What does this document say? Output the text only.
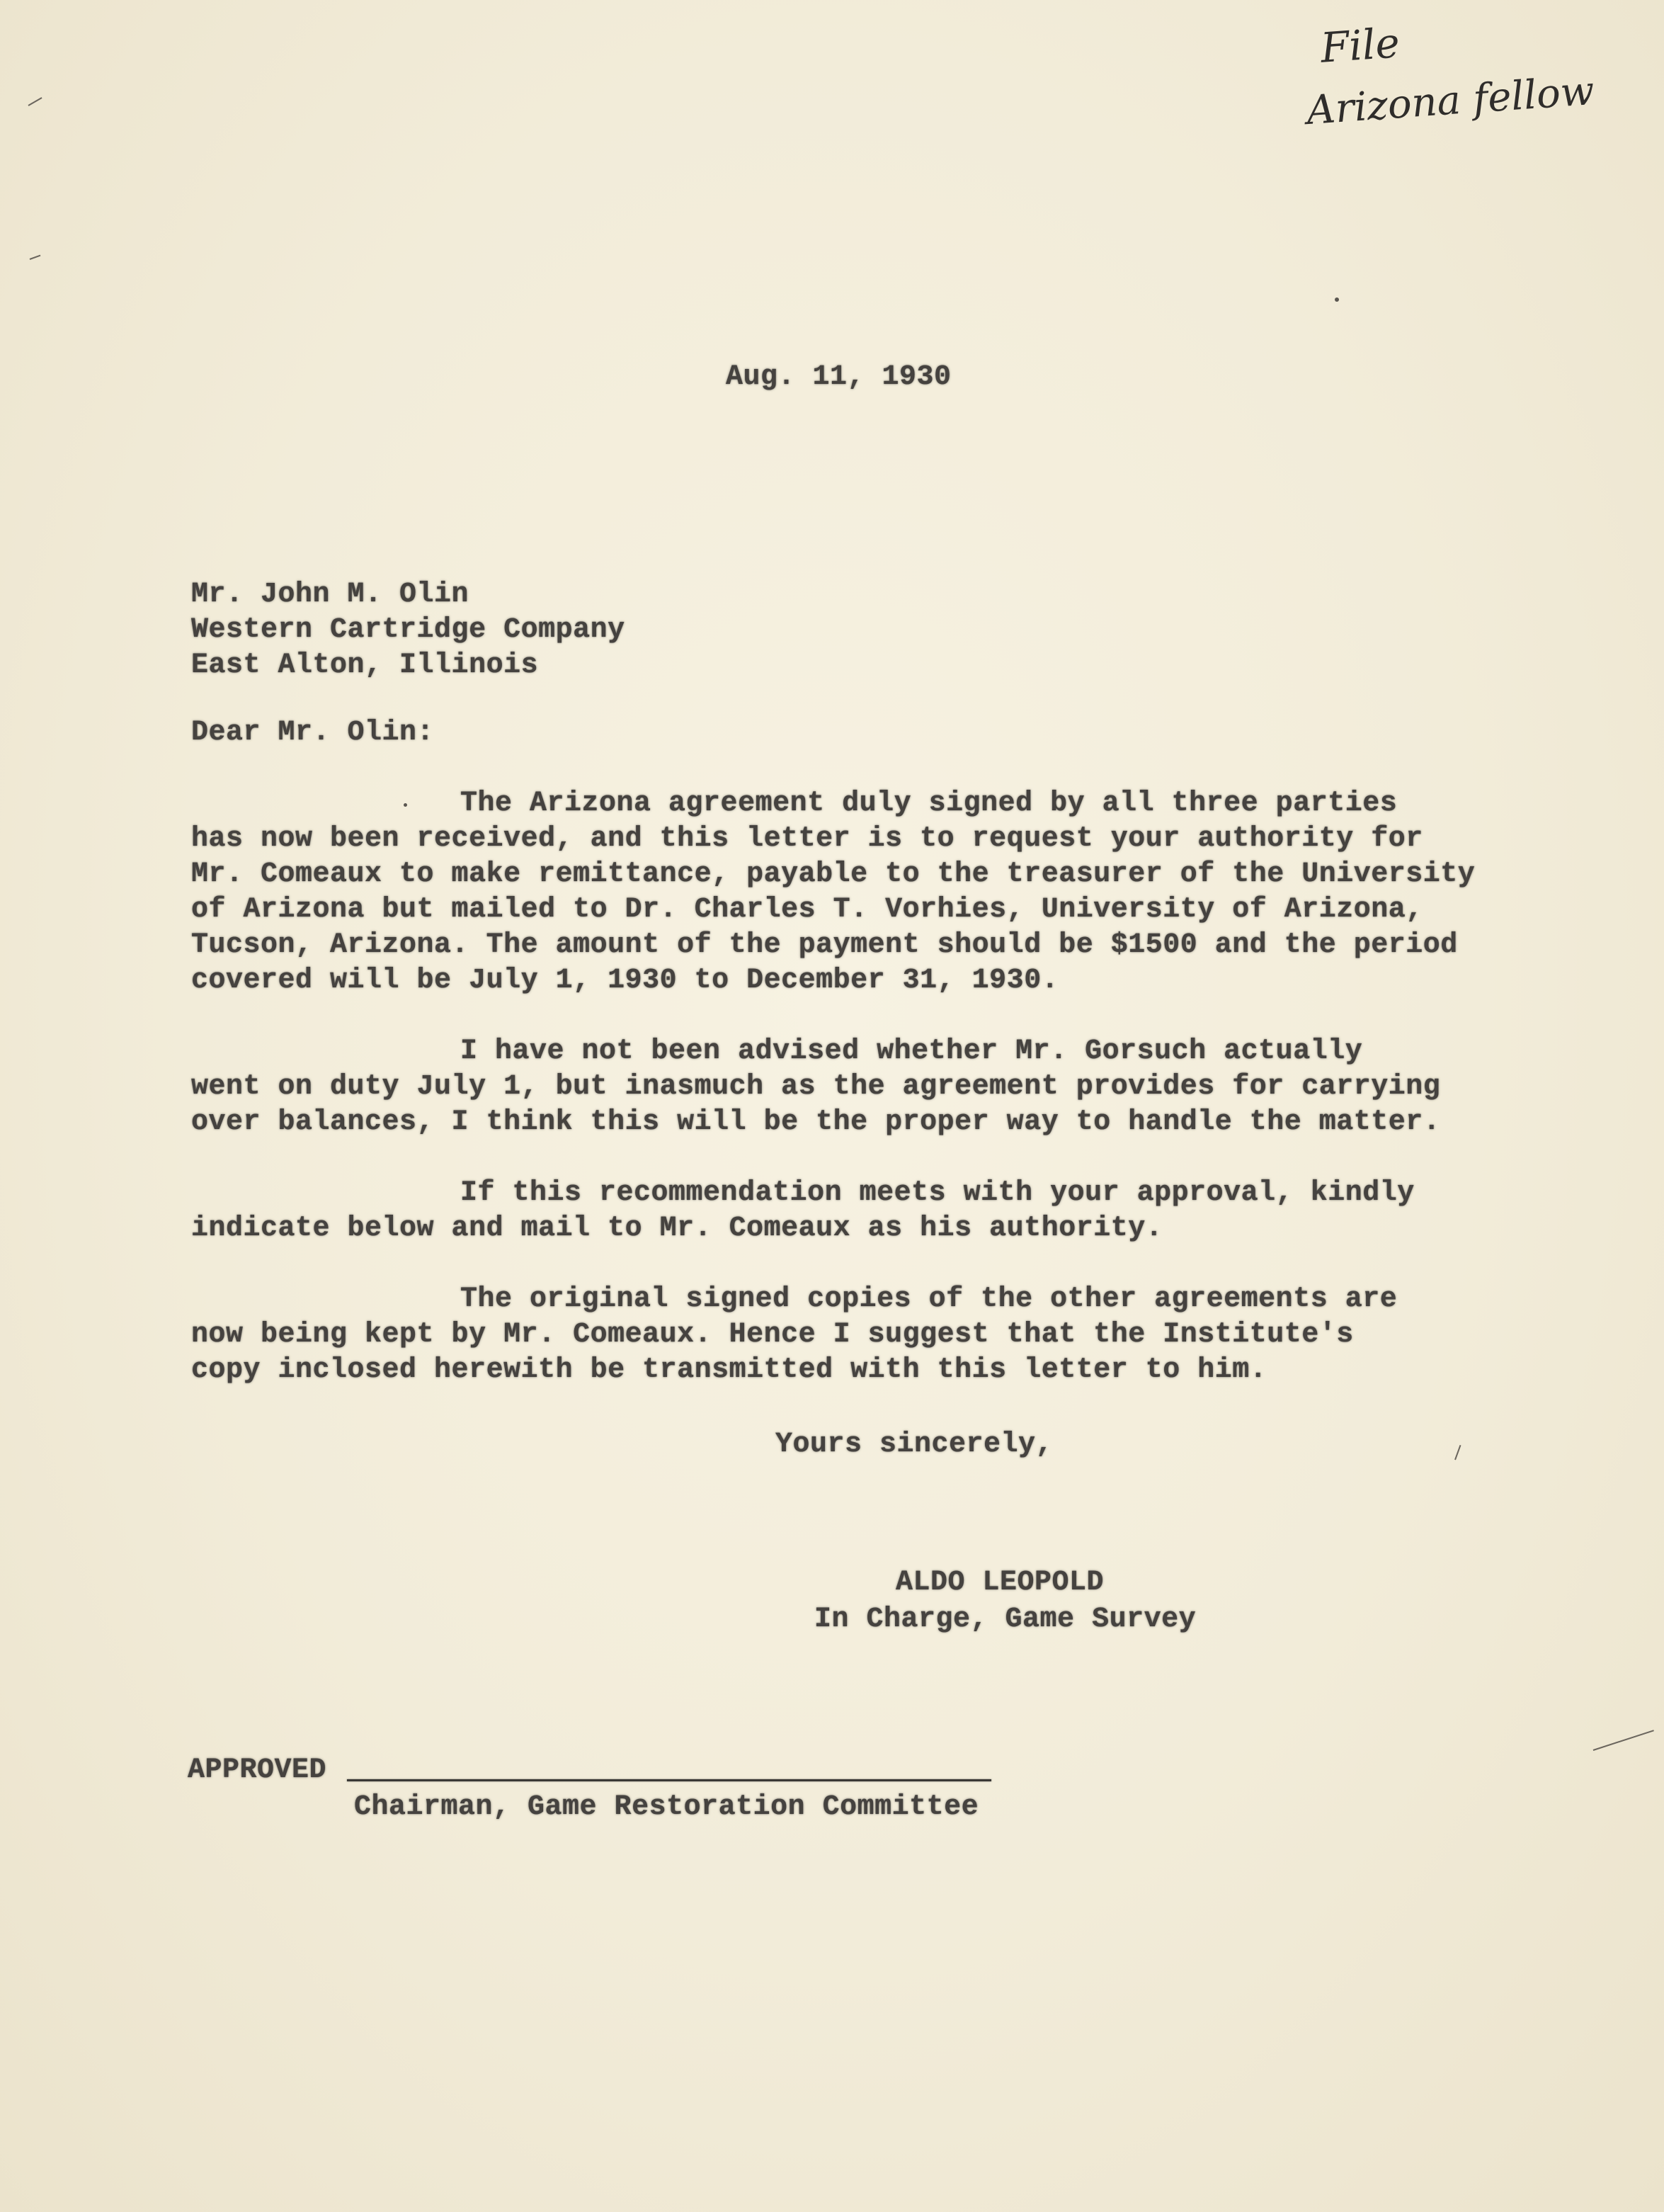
File
Arizona fellow
Aug. 11, 1930
Mr. John M. Olin
Western Cartridge Company
East Alton, Illinois
Dear Mr. Olin:
The Arizona agreement duly signed by all three parties
has now been received, and this letter is to request your authority for
Mr. Comeaux to make remittance, payable to the treasurer of the University
of Arizona but mailed to Dr. Charles T. Vorhies, University of Arizona,
Tucson, Arizona. The amount of the payment should be $1500 and the period
covered will be July 1, 1930 to December 31, 1930.
I have not been advised whether Mr. Gorsuch actually
went on duty July 1, but inasmuch as the agreement provides for carrying
over balances, I think this will be the proper way to handle the matter.
If this recommendation meets with your approval, kindly
indicate below and mail to Mr. Comeaux as his authority.
The original signed copies of the other agreements are
now being kept by Mr. Comeaux. Hence I suggest that the Institute's
copy inclosed herewith be transmitted with this letter to him.
Yours sincerely,
ALDO LEOPOLD
In Charge, Game Survey
APPROVED
Chairman, Game Restoration Committee
